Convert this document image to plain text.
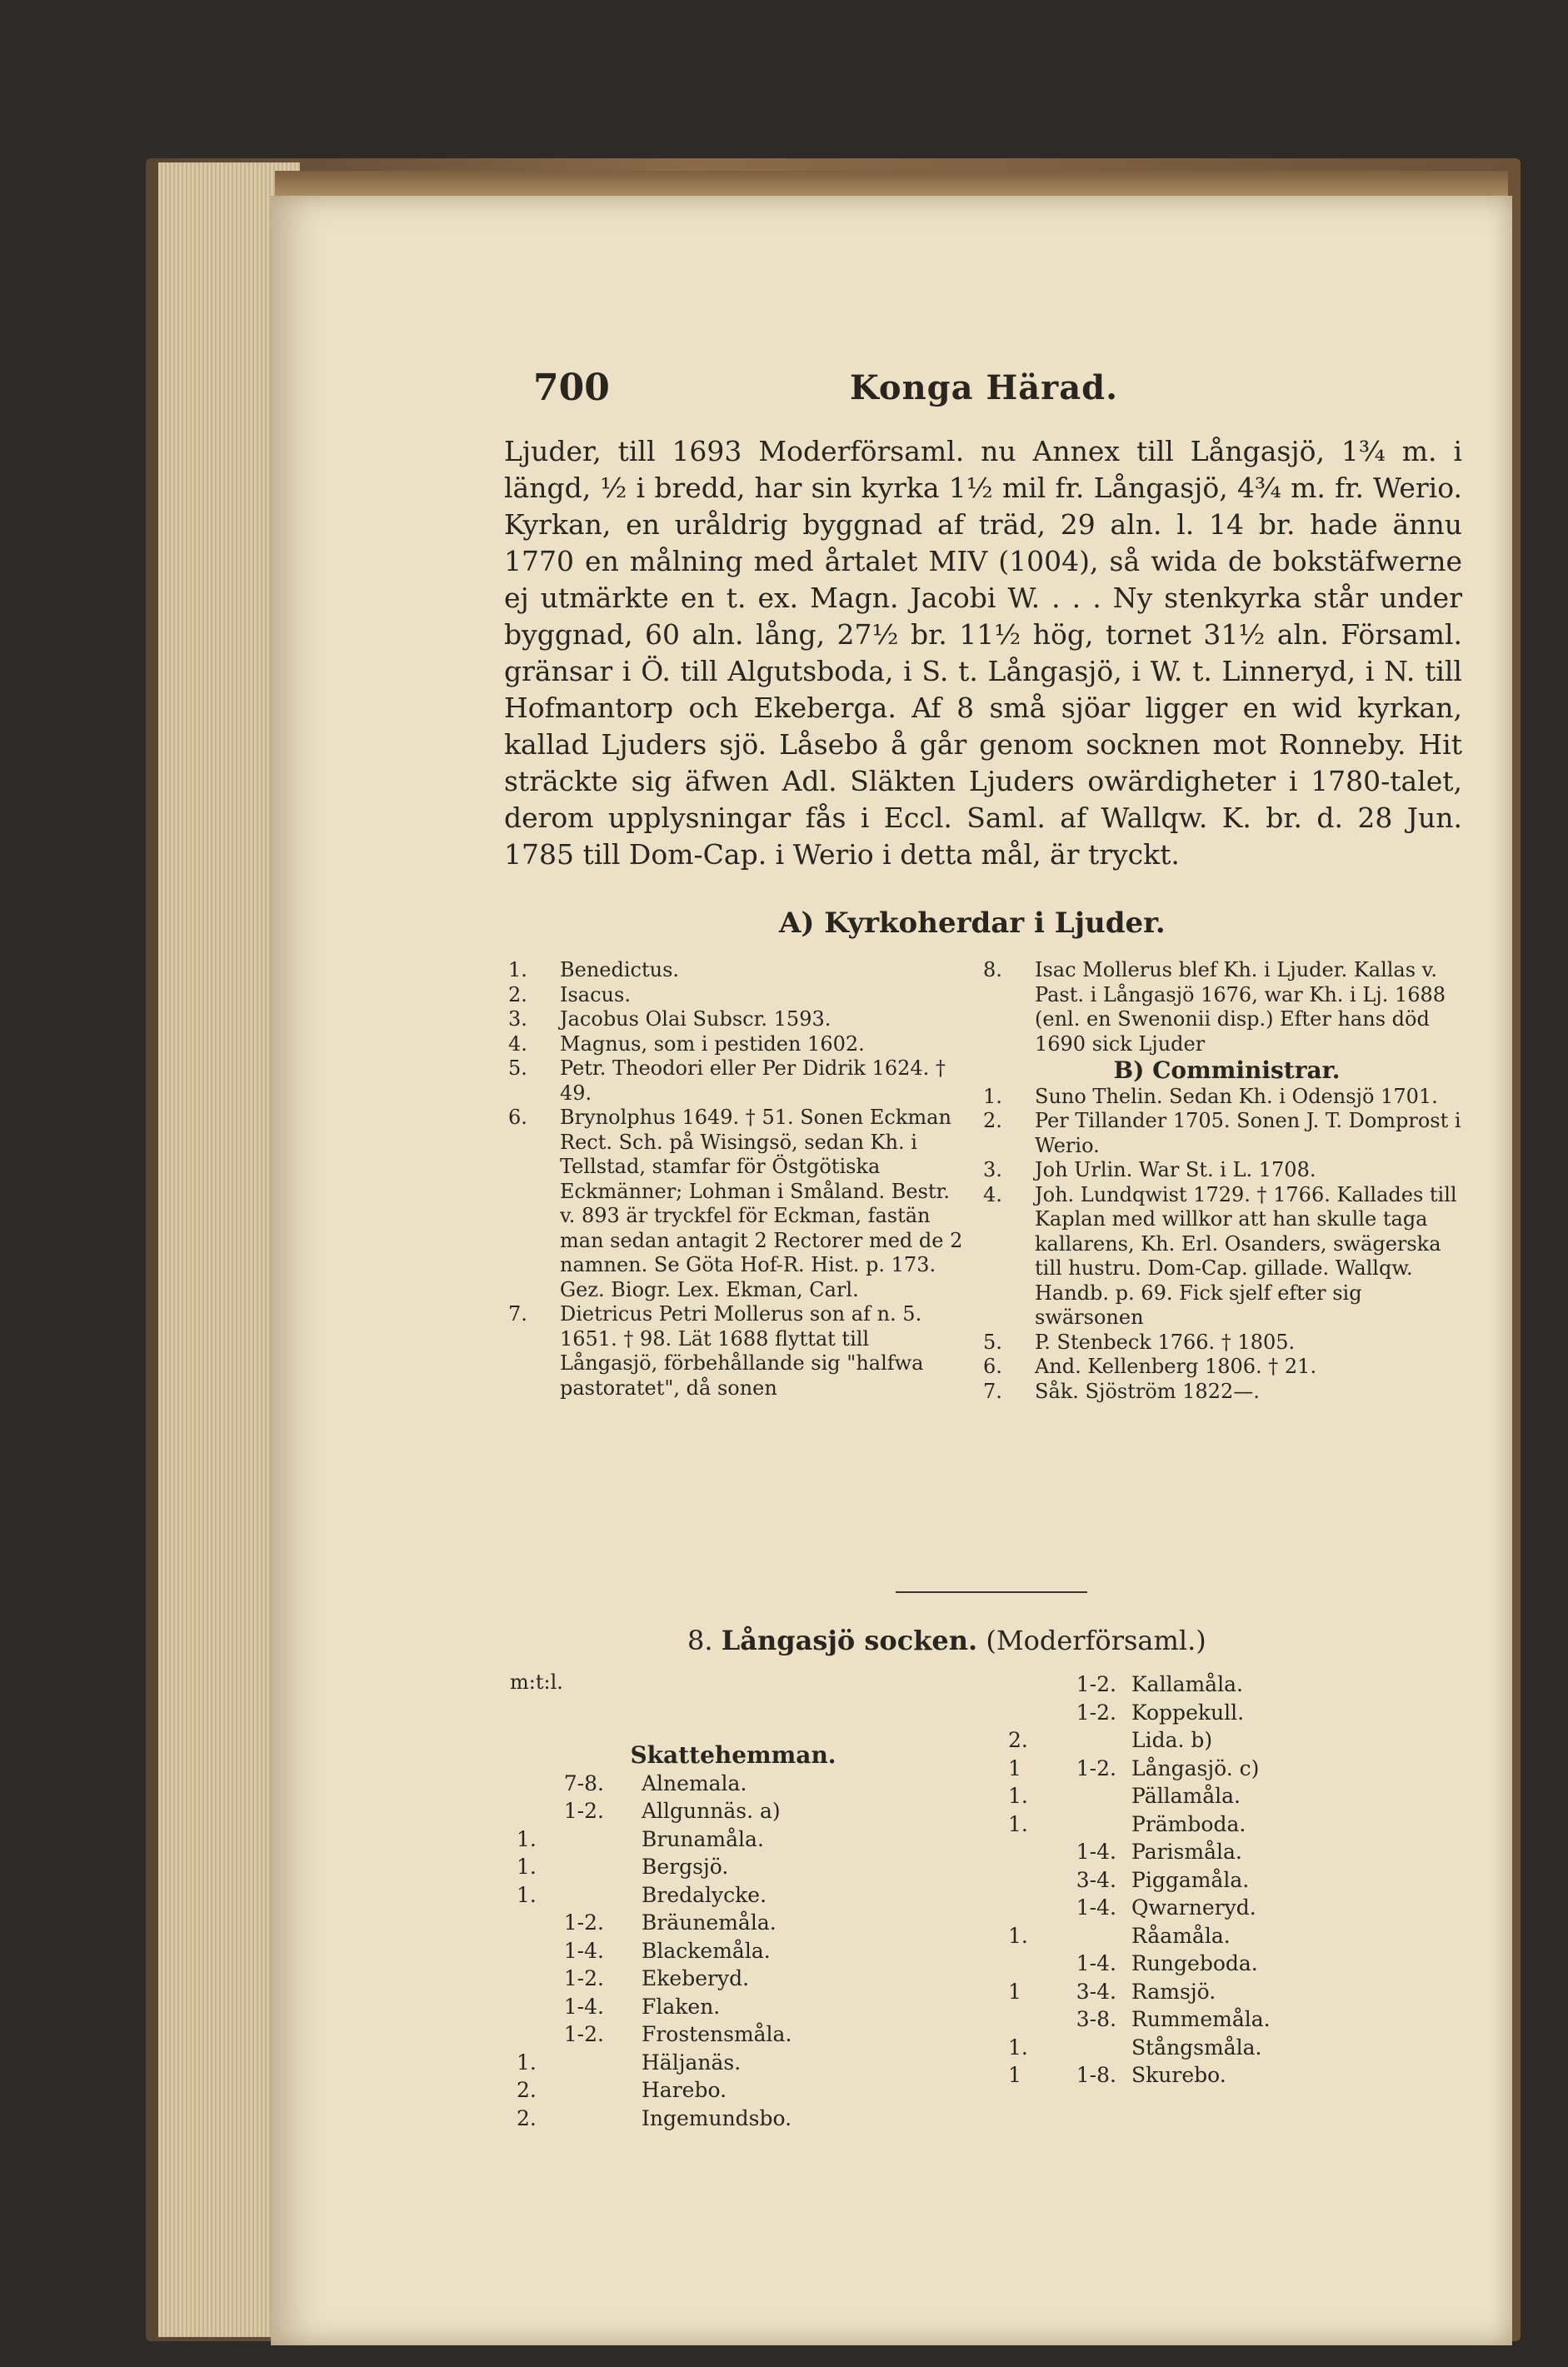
700	Konga Härad.
Ljuder, till 1693 Moderförsaml. nu Annex till Långasjö, 1¾ m. i längd, ½ i bredd, har sin kyrka 1½ mil fr. Långasjö, 4¾ m. fr. Werio. Kyrkan, en uråldrig byggnad af träd, 29 aln. l. 14 br. hade ännu 1770 en målning med årtalet MIV (1004), så wida de bokstäfwerne ej utmärkte en t. ex. Magn. Jacobi W. . . . Ny stenkyrka står under byggnad, 60 aln. lång, 27½ br. 11½ hög, tornet 31½ aln. Församl. gränsar i Ö. till Algutsboda, i S. t. Långasjö, i W. t. Linneryd, i N. till Hofmantorp och Ekeberga. Af 8 små sjöar ligger en wid kyrkan, kallad Ljuders sjö. Låsebo å går genom socknen mot Ronneby. Hit sträckte sig äfwen Adl. Släkten Ljuders owärdigheter i 1780-talet, derom upplysningar fås i Eccl. Saml. af Wallqw. K. br. d. 28 Jun. 1785 till Dom-Cap. i Werio i detta mål, är tryckt.
A) Kyrkoherdar i Ljuder.
1.	Benedictus.
2.	Isacus.
3.	Jacobus Olai Subscr. 1593.
4.	Magnus, som i pestiden 1602.
5.	Petr. Theodori eller Per Didrik 1624. † 49.
6.	Brynolphus 1649. † 51. Sonen Eckman Rect. Sch. på Wisingsö, sedan Kh. i Tellstad, stamfar för Östgötiska Eckmänner; Lohman i Småland. Bestr. v. 893 är tryckfel för Eckman, fastän man sedan antagit 2 Rectorer med de 2 namnen. Se Göta Hof-R. Hist. p. 173. Gez. Biogr. Lex. Ekman, Carl.
7.	Dietricus Petri Mollerus son af n. 5. 1651. † 98. Lät 1688 flyttat till Långasjö, förbehållande sig "halfwa pastoratet", då sonen
8.	Isac Mollerus blef Kh. i Ljuder. Kallas v. Past. i Långasjö 1676, war Kh. i Lj. 1688 (enl. en Swenonii disp.) Efter hans död 1690 sick Ljuder
B) Comministrar.
1.	Suno Thelin. Sedan Kh. i Odensjö 1701.
2.	Per Tillander 1705. Sonen J. T. Domprost i Werio.
3.	Joh Urlin. War St. i L. 1708.
4.	Joh. Lundqwist 1729. † 1766. Kallades till Kaplan med willkor att han skulle taga kallarens, Kh. Erl. Osanders, swägerska till hustru. Dom-Cap. gillade. Wallqw. Handb. p. 69. Fick sjelf efter sig swärsonen
5.	P. Stenbeck 1766. † 1805.
6.	And. Kellenberg 1806. † 21.
7.	Såk. Sjöström 1822—.
8. Långasjö socken. (Moderförsaml.)
m:t:l.
Skattehemman.
7-8. Alnemala.
1-2. Allgunnäs. a)
1.	Brunamåla.
1.	Bergsjö.
1.	Bredalycke.
1-2. Bräunemåla.
1-4. Blackemåla.
1-2. Ekeberyd.
1-4. Flaken.
1-2. Frostensmåla.
1.	Häljanäs.
2.	Harebo.
2.	Ingemundsbo.
1-2. Kallamåla.
1-2. Koppekull.
2.	Lida. b)
1	1-2. Långasjö. c)
1.	Pällamåla.
1.	Prämboda.
1-4. Parismåla.
3-4. Piggamåla.
1-4. Qwarneryd.
1.	Råamåla.
1-4. Rungeboda.
1	3-4. Ramsjö.
3-8. Rummemåla.
1.	Stångsmåla.
1	1-8. Skurebo.
